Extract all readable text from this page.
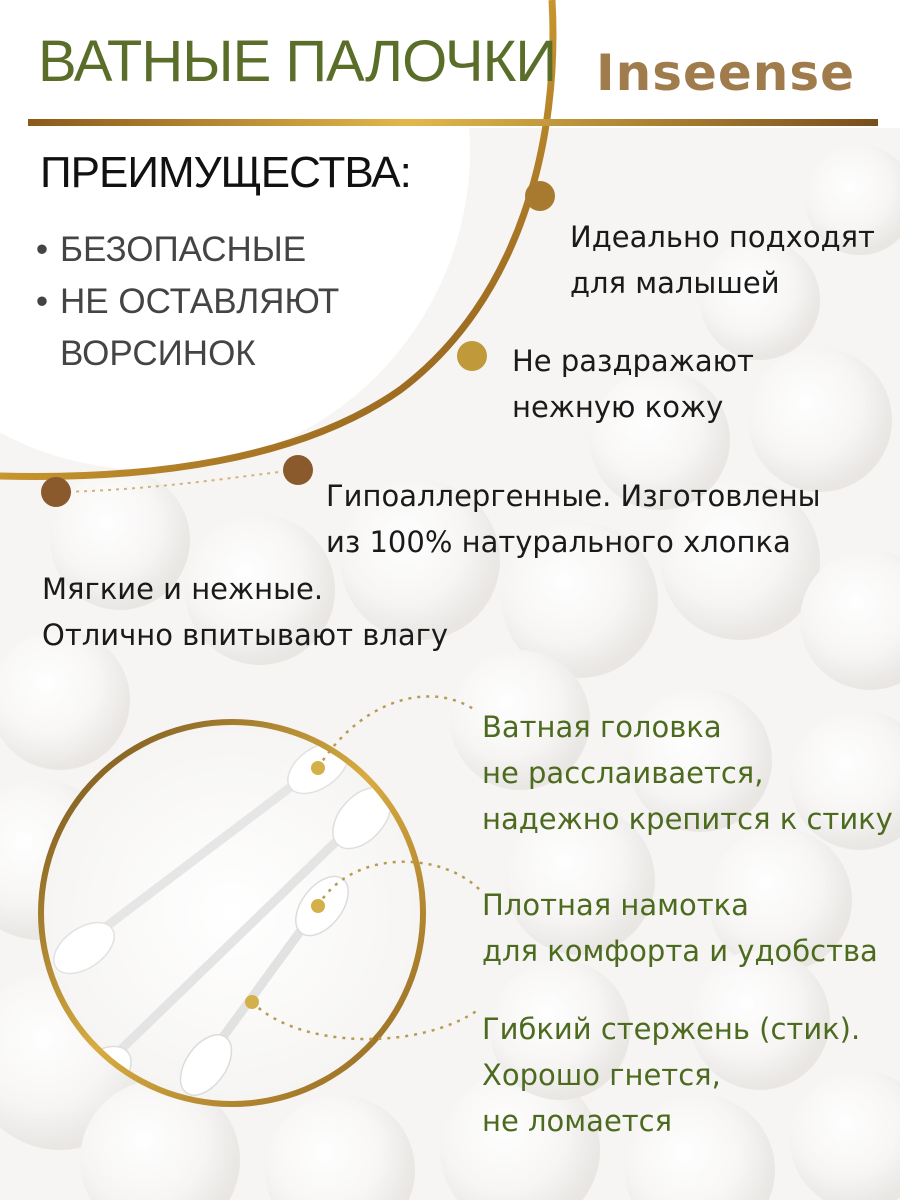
ВАТНЫЕ ПАЛОЧКИ Inseense
ПРЕИМУЩЕСТВА:
• БЕЗОПАСНЫЕ
• НЕ ОСТАВЛЯЮТ
ВОРСИНОК
Идеально подходят
для малышей
Не раздражают
нежную кожу
Гипоаллергенные. Изготовлены
из 100% натурального хлопка
Мягкие и нежные.
Отлично впитывают влагу
Ватная головка
не расслаивается,
надежно крепится к стику
Плотная намотка
для комфорта и удобства
Гибкий стержень (стик).
Хорошо гнется,
не ломается
